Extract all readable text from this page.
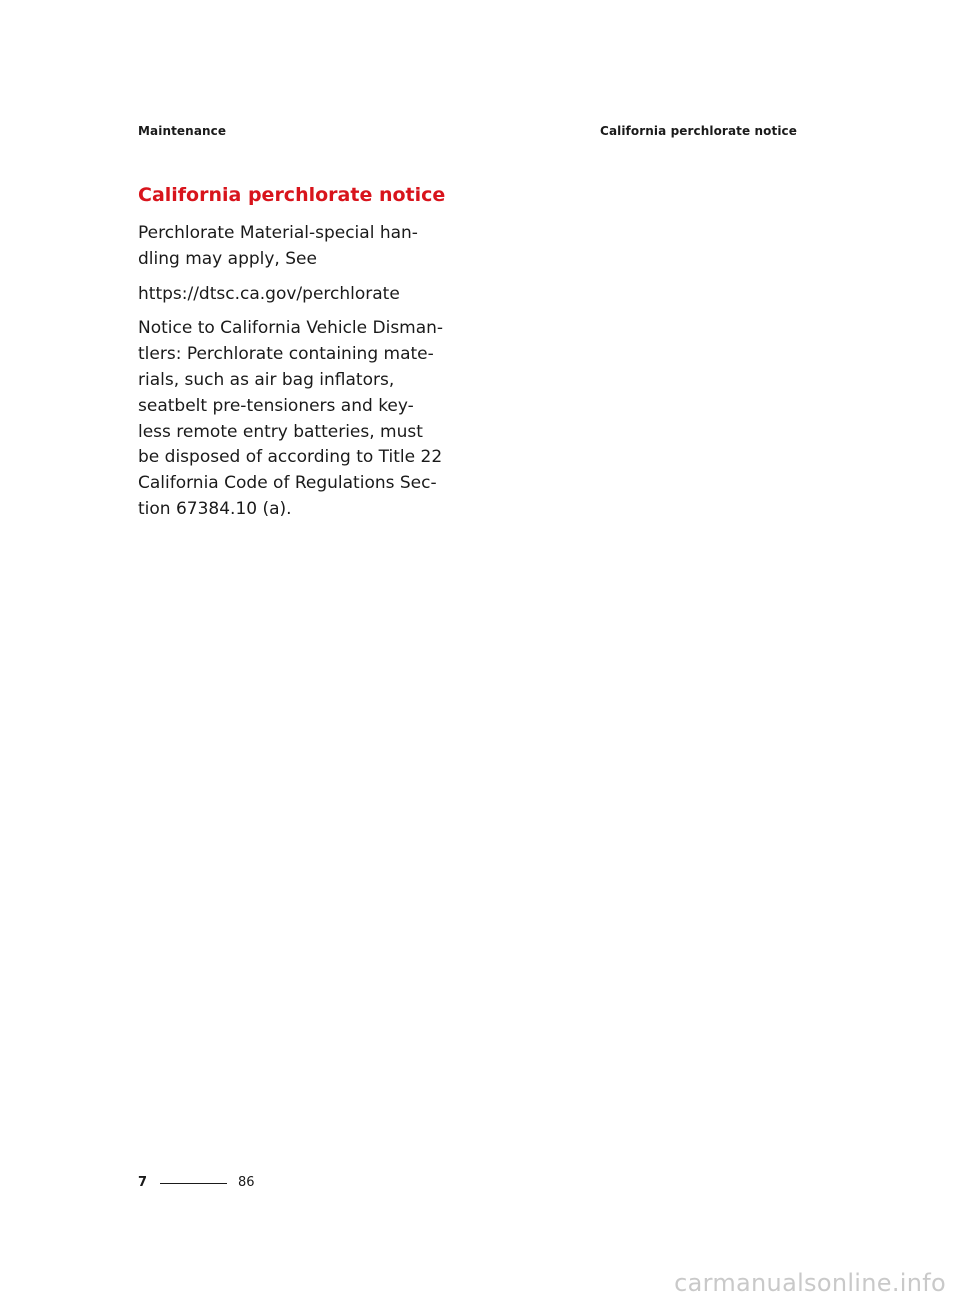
Maintenance	California perchlorate notice
California perchlorate notice

Perchlorate Material-special han-
dling may apply, See

https://dtsc.ca.gov/perchlorate

Notice to California Vehicle Disman-
tlers: Perchlorate containing mate-
rials, such as air bag inflators,
seatbelt pre-tensioners and key-
less remote entry batteries, must
be disposed of according to Title 22
California Code of Regulations Sec-
tion 67384.10 (a).

7	86
carmanualsonline.info
